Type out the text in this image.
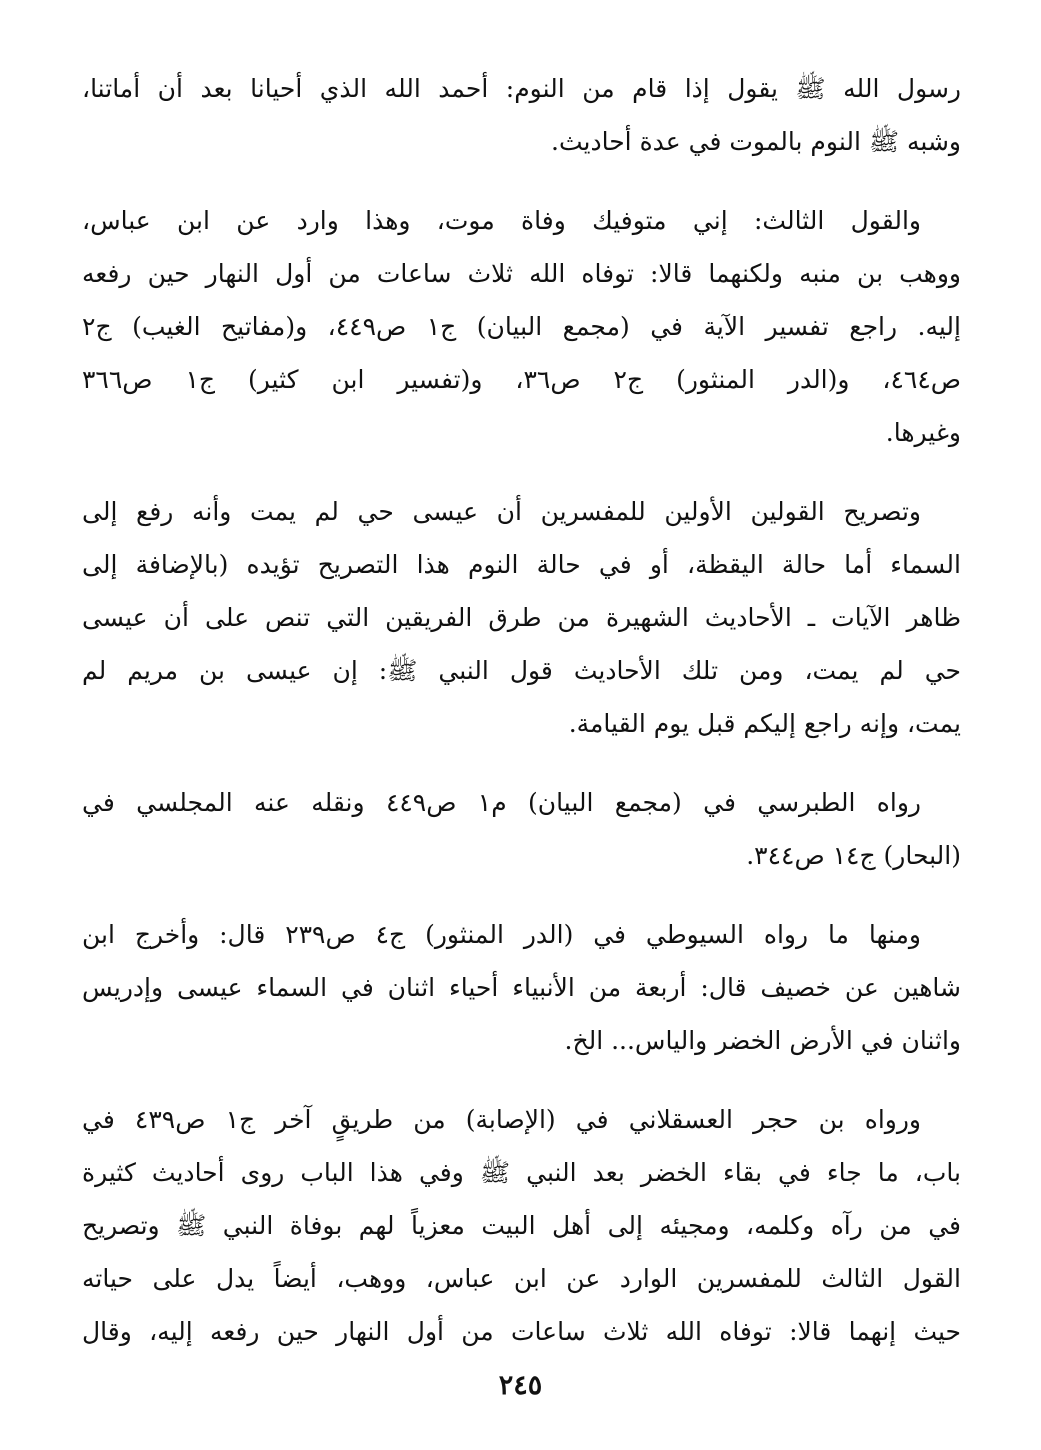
رسول الله ﷺ يقول إذا قام من النوم: أحمد الله الذي أحيانا بعد أن أماتنا،
وشبه ﷺ النوم بالموت في عدة أحاديث.

والقول الثالث: إني متوفيك وفاة موت، وهذا وارد عن ابن عباس،
ووهب بن منبه ولكنهما قالا: توفاه الله ثلاث ساعات من أول النهار حين رفعه
إليه. راجع تفسير الآية في (مجمع البيان) ج١ ص٤٤٩، و(مفاتيح الغيب) ج٢
ص٤٦٤، و(الدر المنثور) ج٢ ص٣٦، و(تفسير ابن كثير) ج١ ص٣٦٦
وغيرها.

وتصريح القولين الأولين للمفسرين أن عيسى حي لم يمت وأنه رفع إلى
السماء أما حالة اليقظة، أو في حالة النوم هذا التصريح تؤيده (بالإضافة إلى
ظاهر الآيات ـ الأحاديث الشهيرة من طرق الفريقين التي تنص على أن عيسى
حي لم يمت، ومن تلك الأحاديث قول النبي ﷺ: إن عيسى بن مريم لم
يمت، وإنه راجع إليكم قبل يوم القيامة.

رواه الطبرسي في (مجمع البيان) م١ ص٤٤٩ ونقله عنه المجلسي في
(البحار) ج١٤ ص٣٤٤.

ومنها ما رواه السيوطي في (الدر المنثور) ج٤ ص٢٣٩ قال: وأخرج ابن
شاهين عن خصيف قال: أربعة من الأنبياء أحياء اثنان في السماء عيسى وإدريس
واثنان في الأرض الخضر والياس... الخ.

ورواه بن حجر العسقلاني في (الإصابة) من طريقٍ آخر ج١ ص٤٣٩ في
باب، ما جاء في بقاء الخضر بعد النبي ﷺ وفي هذا الباب روى أحاديث كثيرة
في من رآه وكلمه، ومجيئه إلى أهل البيت معزياً لهم بوفاة النبي ﷺ وتصريح
القول الثالث للمفسرين الوارد عن ابن عباس، ووهب، أيضاً يدل على حياته
حيث إنهما قالا: توفاه الله ثلاث ساعات من أول النهار حين رفعه إليه، وقال

٢٤٥
